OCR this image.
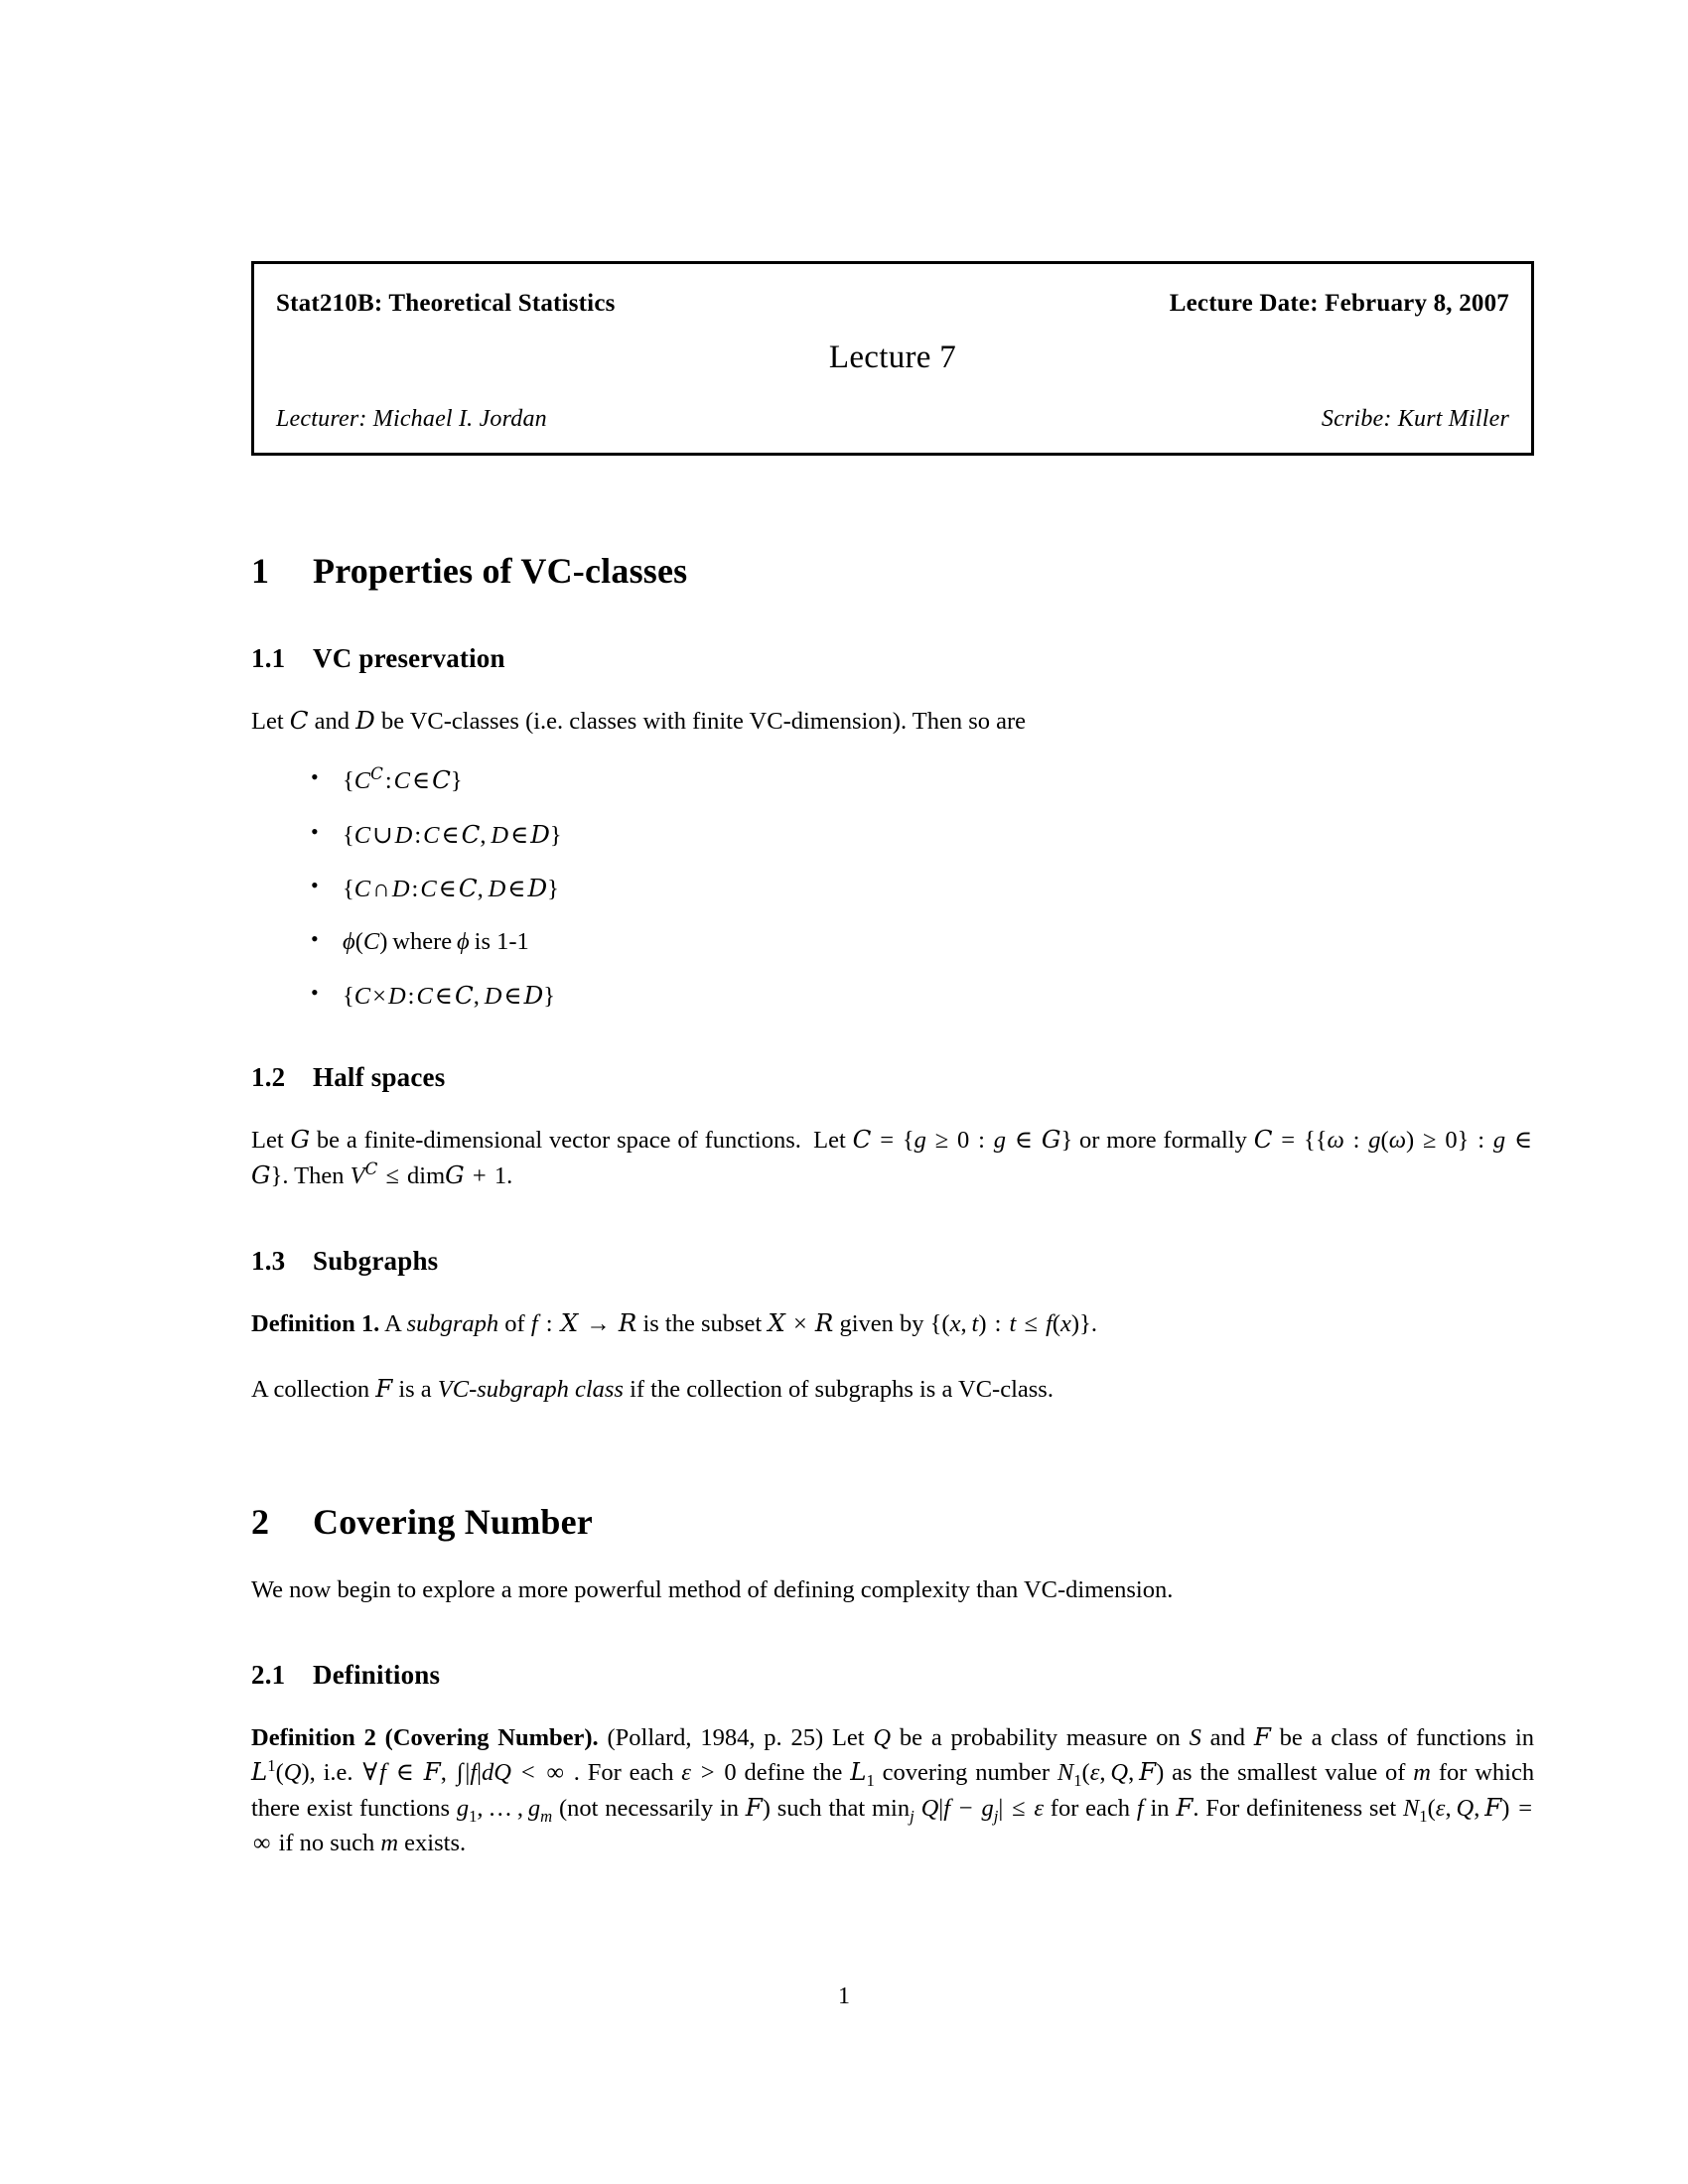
Stat210B: Theoretical Statistics	Lecture Date: February 8, 2007
Lecture 7
Lecturer: Michael I. Jordan	Scribe: Kurt Miller
1 Properties of VC-classes
1.1 VC preservation

Let C and D be VC-classes (i.e. classes with finite VC-dimension). Then so are

• $\{C^C:C\in C\}$
• {C∪D:C∈C, D∈D}
• {C∩D:C∈C, D∈D}
• ϕ(C) where ϕ is 1-1
• {C×D:C∈C, D∈D}
1.2 Half spaces

Let G be a finite-dimensional vector space of functions. Let C = {g ≥ 0 : g ∈ G} or more formally C = {{ω : g(ω) ≥ 0} : g ∈ G}. Then $V^C$ ≤ dimG + 1.

1.3 Subgraphs

Definition 1. A subgraph of f : X → R is the subset X × R given by {(x, t) : t ≤ f(x)}.

A collection F is a VC-subgraph class if the collection of subgraphs is a VC-class.

2 Covering Number

We now begin to explore a more powerful method of defining complexity than VC-dimension.

2.1 Definitions

Definition 2 (Covering Number). (Pollard, 1984, p. 25) Let Q be a probability measure on S and F be a class of functions in $L^1(Q)$, i.e. ∀f ∈ F, ∫|f|dQ < ∞ . For each ε > 0 define the $L_1$ covering number $N_1(\varepsilon$, Q, F) as the smallest value of m for which there exist functions $g_1$, … , $g_m$ (not necessarily in F) such that $\min_j Q|f - g_j| \le \varepsilon$ for each f in F. For definiteness set $N_1(\varepsilon$, Q, F) = ∞ if no such m exists.

1
